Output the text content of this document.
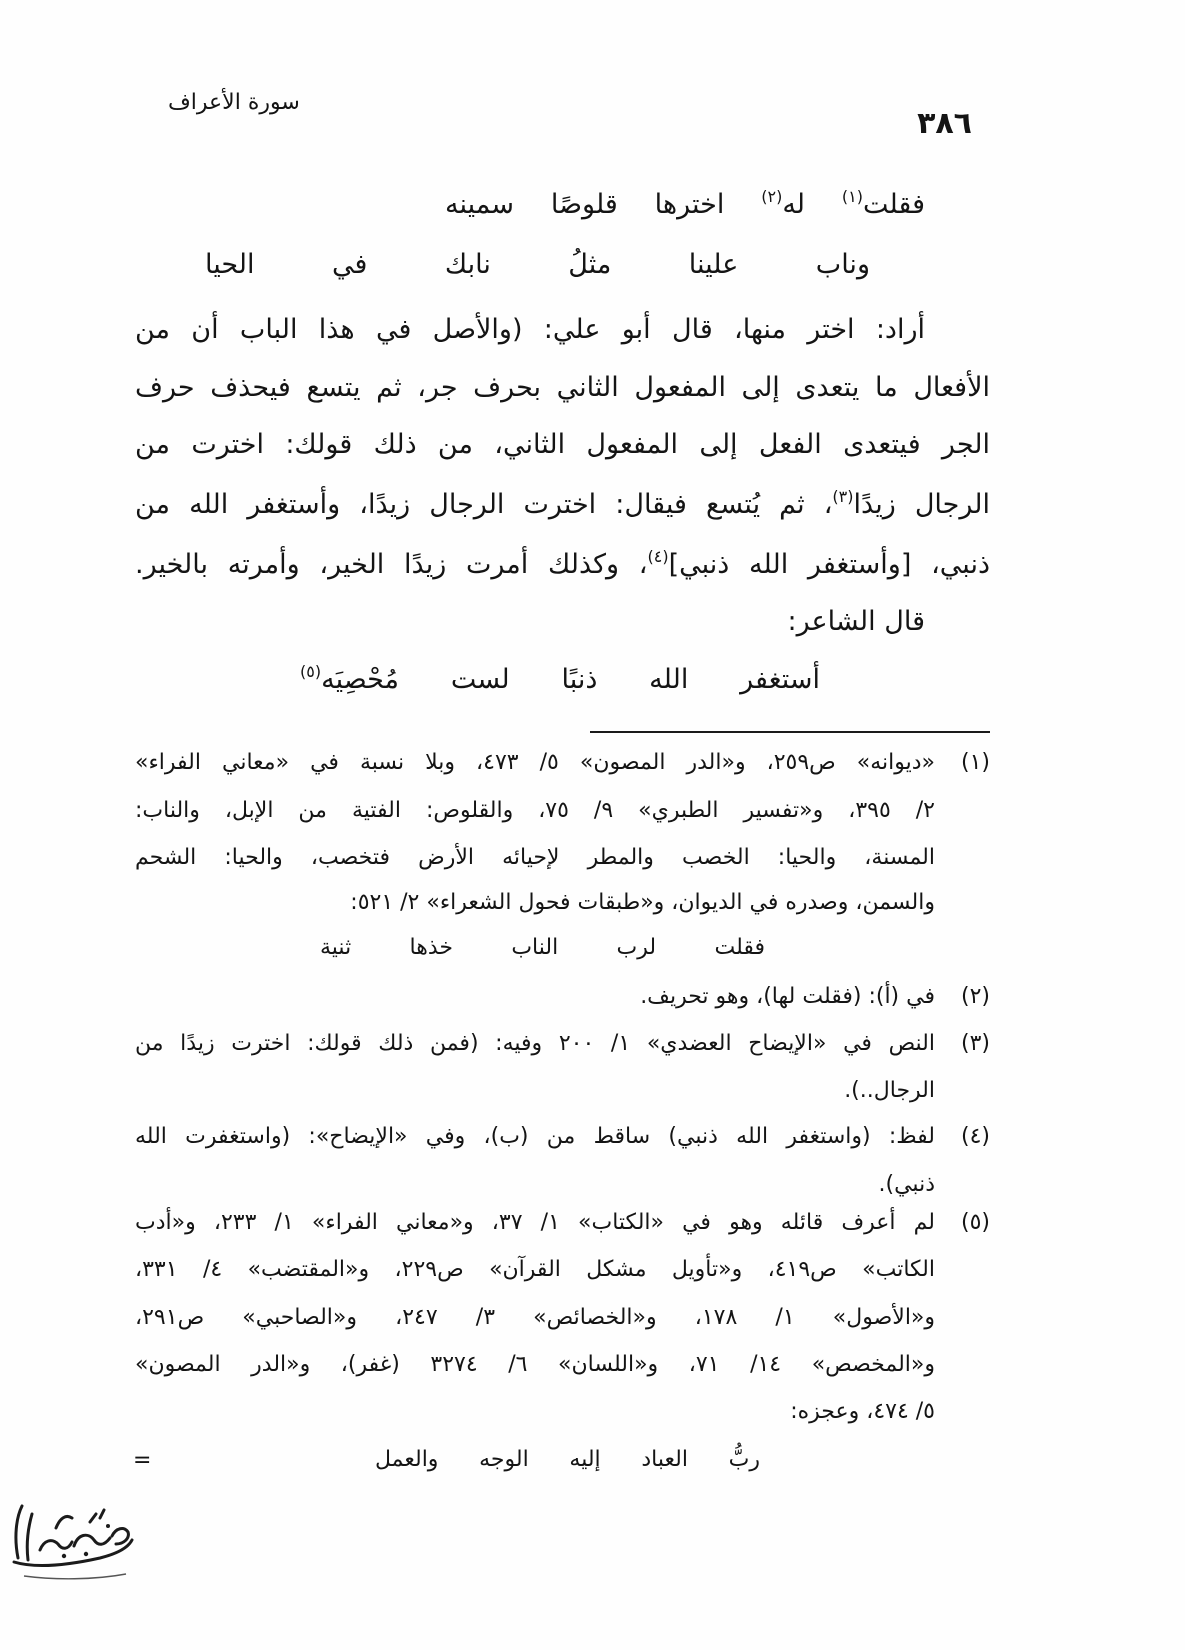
٣٨٦
سورة الأعراف
فقلت$^{(١)}$ له$^{(٢)}$ اخترها قلوصًا سمينه
وناب علينا مثلُ نابك في الحيا
أراد: اختر منها، قال أبو علي: (والأصل في هذا الباب أن من
الأفعال ما يتعدى إلى المفعول الثاني بحرف جر، ثم يتسع فيحذف حرف
الجر فيتعدى الفعل إلى المفعول الثاني، من ذلك قولك: اخترت من
الرجال زيدًا$^{(٣)}$، ثم يُتسع فيقال: اخترت الرجال زيدًا، وأستغفر الله من
ذنبي، [وأستغفر الله ذنبي]$^{(٤)}$، وكذلك أمرت زيدًا الخير، وأمرته بالخير.
قال الشاعر:
أستغفر الله ذنبًا لست مُحْصِيَه$^{(٥)}$
(١)
«ديوانه» ص٢٥٩، و«الدر المصون» ٥/ ٤٧٣، وبلا نسبة في «معاني الفراء»
٢/ ٣٩٥، و«تفسير الطبري» ٩/ ٧٥، والقلوص: الفتية من الإبل، والناب:
المسنة، والحيا: الخصب والمطر لإحيائه الأرض فتخصب، والحيا: الشحم
والسمن، وصدره في الديوان، و«طبقات فحول الشعراء» ٢/ ٥٢١:
فقلت لرب الناب خذها ثنية
(٢)
في (أ): (فقلت لها)، وهو تحريف.
(٣)
النص في «الإيضاح العضدي» ١/ ٢٠٠ وفيه: (فمن ذلك قولك: اخترت زيدًا من
الرجال..).
(٤)
لفظ: (واستغفر الله ذنبي) ساقط من (ب)، وفي «الإيضاح»: (واستغفرت الله
ذنبي).
(٥)
لم أعرف قائله وهو في «الكتاب» ١/ ٣٧، و«معاني الفراء» ١/ ٢٣٣، و«أدب
الكاتب» ص٤١٩، و«تأويل مشكل القرآن» ص٢٢٩، و«المقتضب» ٤/ ٣٣١،
و«الأصول» ١/ ١٧٨، و«الخصائص» ٣/ ٢٤٧، و«الصاحبي» ص٢٩١،
و«المخصص» ١٤/ ٧١، و«اللسان» ٦/ ٣٢٧٤ (غفر)، و«الدر المصون»
٥/ ٤٧٤، وعجزه:
ربُّ العباد إليه الوجه والعمل
=
